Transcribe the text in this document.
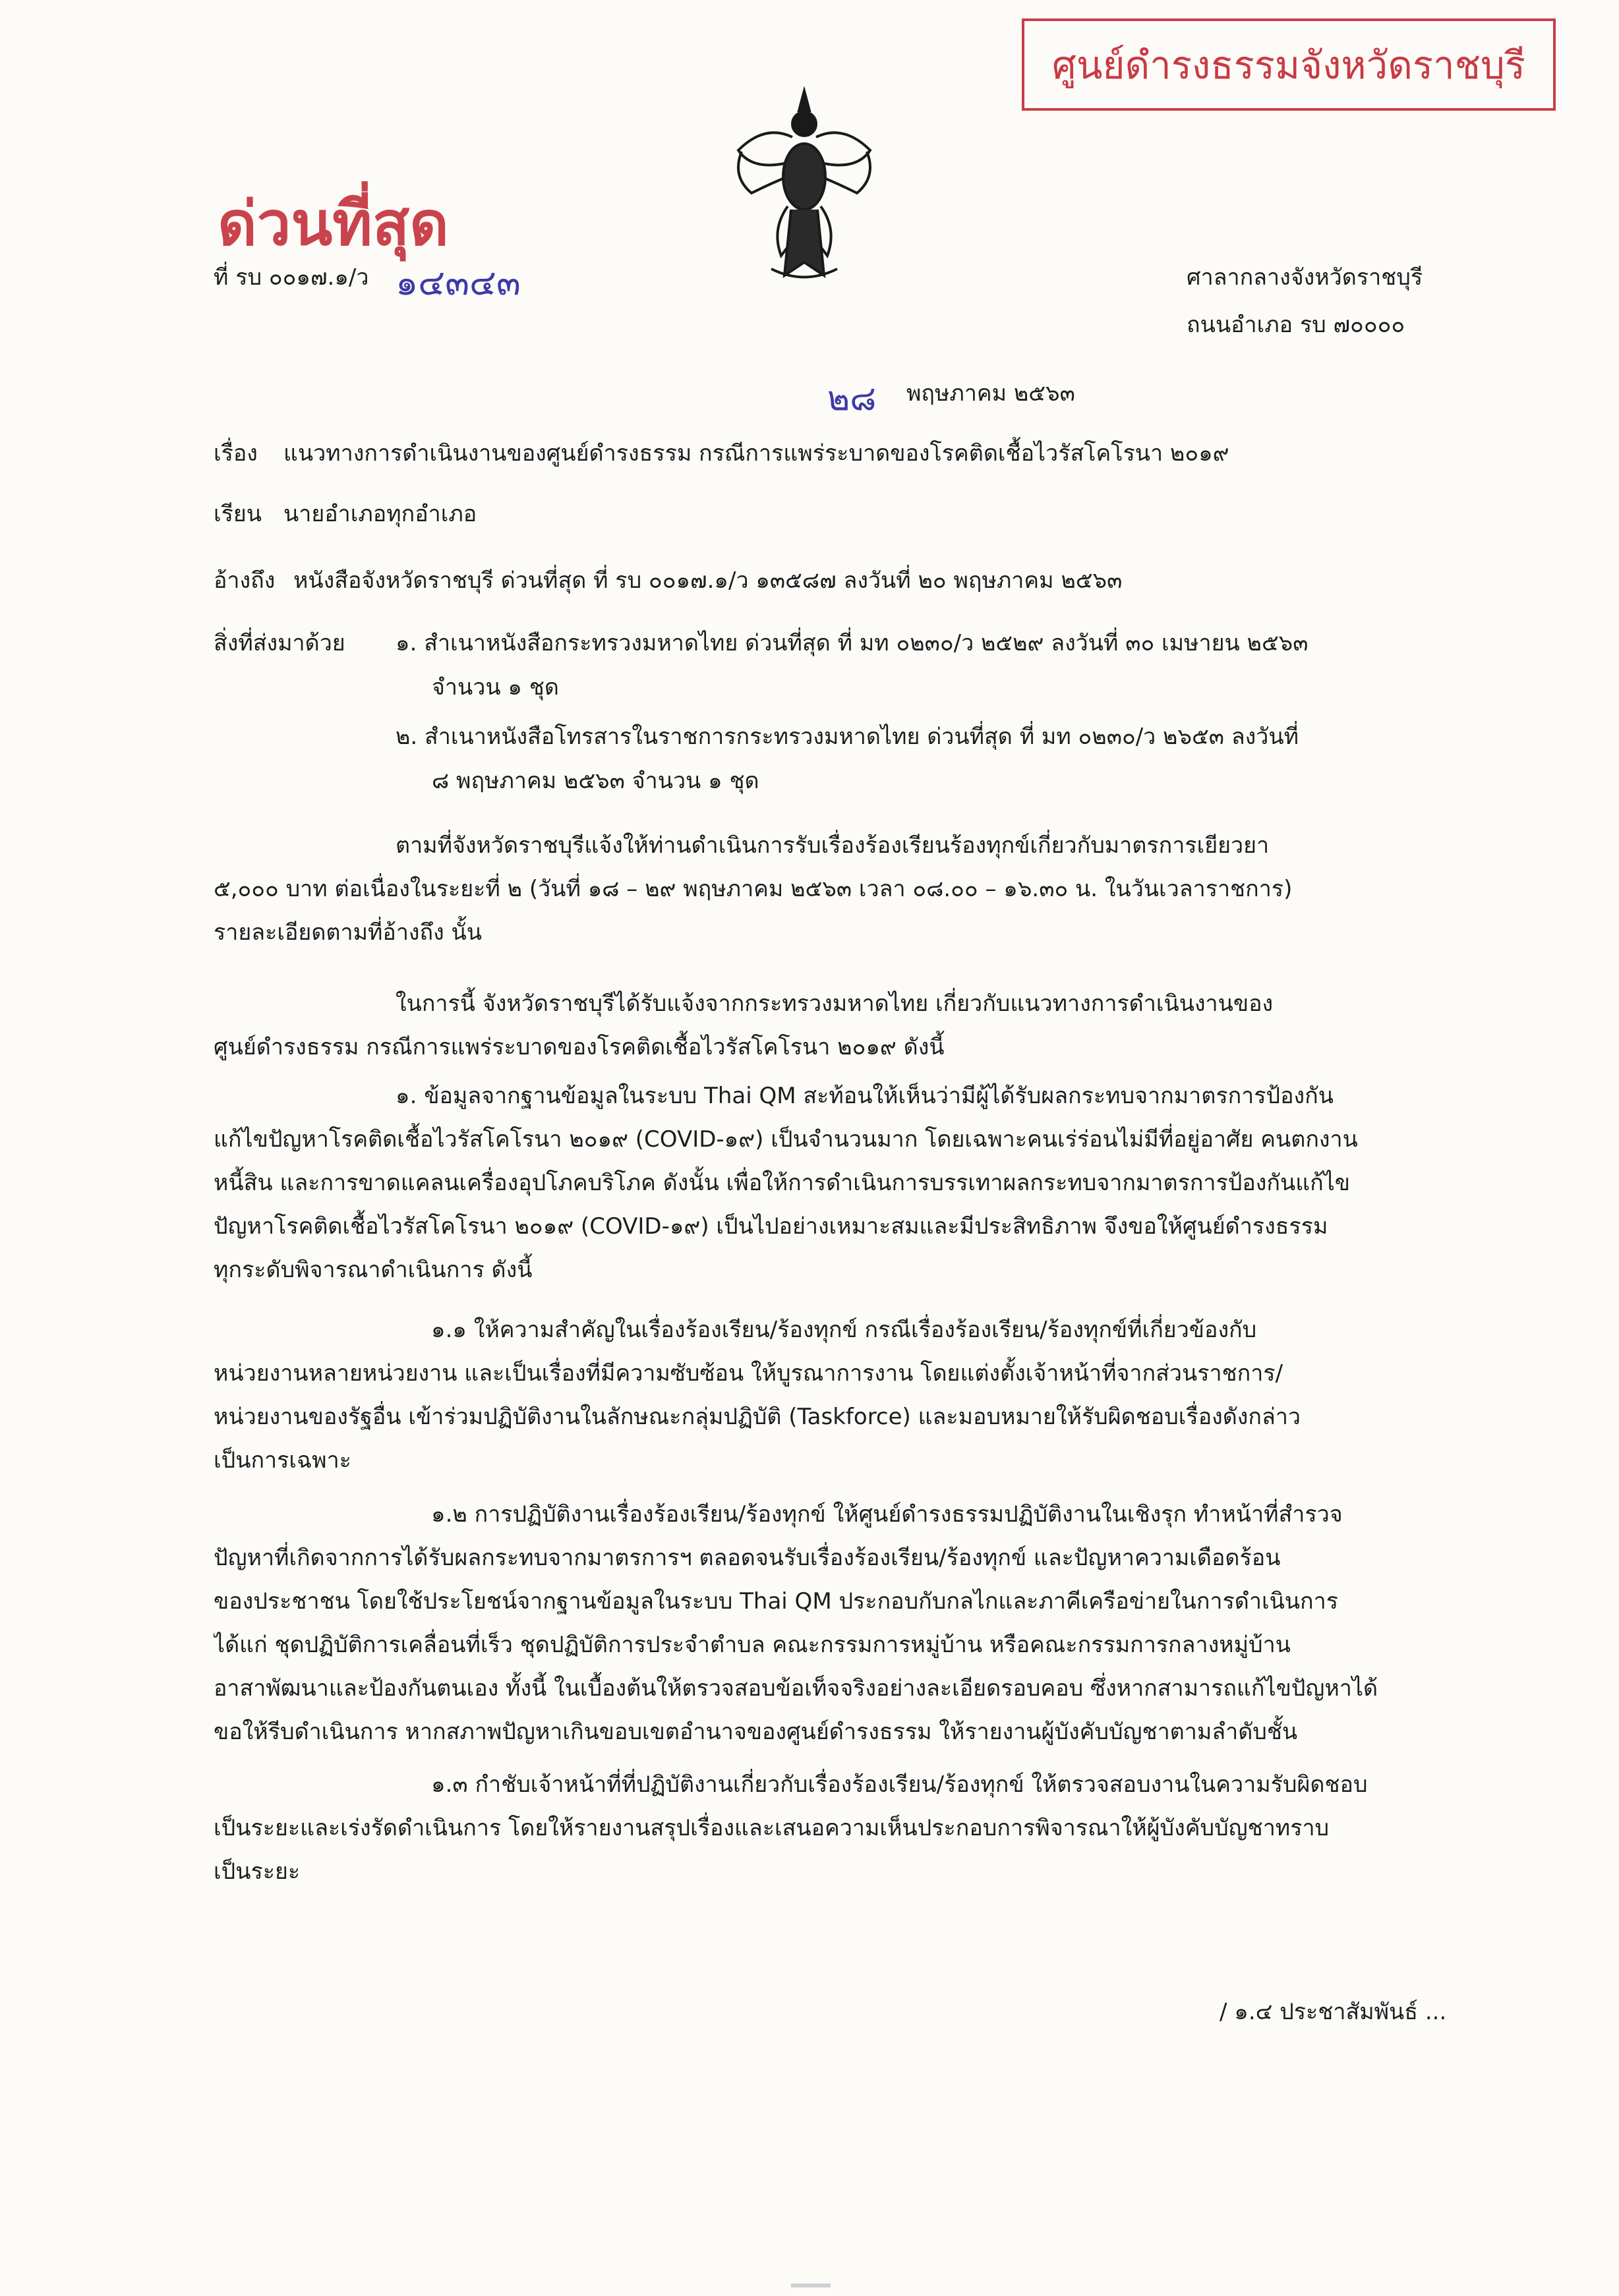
ศูนย์ดำรงธรรมจังหวัดราชบุรี
ด่วนที่สุด
ที่ รบ ๐๐๑๗.๑/ว ๑๔๓๔๓	ศาลากลางจังหวัดราชบุรี
ถนนอำเภอ รบ ๗๐๐๐๐
๒๘ พฤษภาคม ๒๕๖๓
เรื่อง แนวทางการดำเนินงานของศูนย์ดำรงธรรม กรณีการแพร่ระบาดของโรคติดเชื้อไวรัสโคโรนา ๒๐๑๙
เรียน นายอำเภอทุกอำเภอ
อ้างถึง หนังสือจังหวัดราชบุรี ด่วนที่สุด ที่ รบ ๐๐๑๗.๑/ว ๑๓๕๘๗ ลงวันที่ ๒๐ พฤษภาคม ๒๕๖๓
สิ่งที่ส่งมาด้วย ๑. สำเนาหนังสือกระทรวงมหาดไทย ด่วนที่สุด ที่ มท ๐๒๓๐/ว ๒๕๒๙ ลงวันที่ ๓๐ เมษายน ๒๕๖๓
จำนวน ๑ ชุด
๒. สำเนาหนังสือโทรสารในราชการกระทรวงมหาดไทย ด่วนที่สุด ที่ มท ๐๒๓๐/ว ๒๖๕๓ ลงวันที่
๘ พฤษภาคม ๒๕๖๓ จำนวน ๑ ชุด
ตามที่จังหวัดราชบุรีแจ้งให้ท่านดำเนินการรับเรื่องร้องเรียนร้องทุกข์เกี่ยวกับมาตรการเยียวยา
๕,๐๐๐ บาท ต่อเนื่องในระยะที่ ๒ (วันที่ ๑๘ – ๒๙ พฤษภาคม ๒๕๖๓ เวลา ๐๘.๐๐ – ๑๖.๓๐ น. ในวันเวลาราชการ)
รายละเอียดตามที่อ้างถึง นั้น
ในการนี้ จังหวัดราชบุรีได้รับแจ้งจากกระทรวงมหาดไทย เกี่ยวกับแนวทางการดำเนินงานของ
ศูนย์ดำรงธรรม กรณีการแพร่ระบาดของโรคติดเชื้อไวรัสโคโรนา ๒๐๑๙ ดังนี้
๑. ข้อมูลจากฐานข้อมูลในระบบ Thai QM สะท้อนให้เห็นว่ามีผู้ได้รับผลกระทบจากมาตรการป้องกัน
แก้ไขปัญหาโรคติดเชื้อไวรัสโคโรนา ๒๐๑๙ (COVID-๑๙) เป็นจำนวนมาก โดยเฉพาะคนเร่ร่อนไม่มีที่อยู่อาศัย คนตกงาน
หนี้สิน และการขาดแคลนเครื่องอุปโภคบริโภค ดังนั้น เพื่อให้การดำเนินการบรรเทาผลกระทบจากมาตรการป้องกันแก้ไข
ปัญหาโรคติดเชื้อไวรัสโคโรนา ๒๐๑๙ (COVID-๑๙) เป็นไปอย่างเหมาะสมและมีประสิทธิภาพ จึงขอให้ศูนย์ดำรงธรรม
ทุกระดับพิจารณาดำเนินการ ดังนี้
๑.๑ ให้ความสำคัญในเรื่องร้องเรียน/ร้องทุกข์ กรณีเรื่องร้องเรียน/ร้องทุกข์ที่เกี่ยวข้องกับ
หน่วยงานหลายหน่วยงาน และเป็นเรื่องที่มีความซับซ้อน ให้บูรณาการงาน โดยแต่งตั้งเจ้าหน้าที่จากส่วนราชการ/
หน่วยงานของรัฐอื่น เข้าร่วมปฏิบัติงานในลักษณะกลุ่มปฏิบัติ (Taskforce) และมอบหมายให้รับผิดชอบเรื่องดังกล่าว
เป็นการเฉพาะ
๑.๒ การปฏิบัติงานเรื่องร้องเรียน/ร้องทุกข์ ให้ศูนย์ดำรงธรรมปฏิบัติงานในเชิงรุก ทำหน้าที่สำรวจ
ปัญหาที่เกิดจากการได้รับผลกระทบจากมาตรการฯ ตลอดจนรับเรื่องร้องเรียน/ร้องทุกข์ และปัญหาความเดือดร้อน
ของประชาชน โดยใช้ประโยชน์จากฐานข้อมูลในระบบ Thai QM ประกอบกับกลไกและภาคีเครือข่ายในการดำเนินการ
ได้แก่ ชุดปฏิบัติการเคลื่อนที่เร็ว ชุดปฏิบัติการประจำตำบล คณะกรรมการหมู่บ้าน หรือคณะกรรมการกลางหมู่บ้าน
อาสาพัฒนาและป้องกันตนเอง ทั้งนี้ ในเบื้องต้นให้ตรวจสอบข้อเท็จจริงอย่างละเอียดรอบคอบ ซึ่งหากสามารถแก้ไขปัญหาได้
ขอให้รีบดำเนินการ หากสภาพปัญหาเกินขอบเขตอำนาจของศูนย์ดำรงธรรม ให้รายงานผู้บังคับบัญชาตามลำดับชั้น
๑.๓ กำชับเจ้าหน้าที่ที่ปฏิบัติงานเกี่ยวกับเรื่องร้องเรียน/ร้องทุกข์ ให้ตรวจสอบงานในความรับผิดชอบ
เป็นระยะและเร่งรัดดำเนินการ โดยให้รายงานสรุปเรื่องและเสนอความเห็นประกอบการพิจารณาให้ผู้บังคับบัญชาทราบ
เป็นระยะ
/ ๑.๔ ประชาสัมพันธ์ ...
